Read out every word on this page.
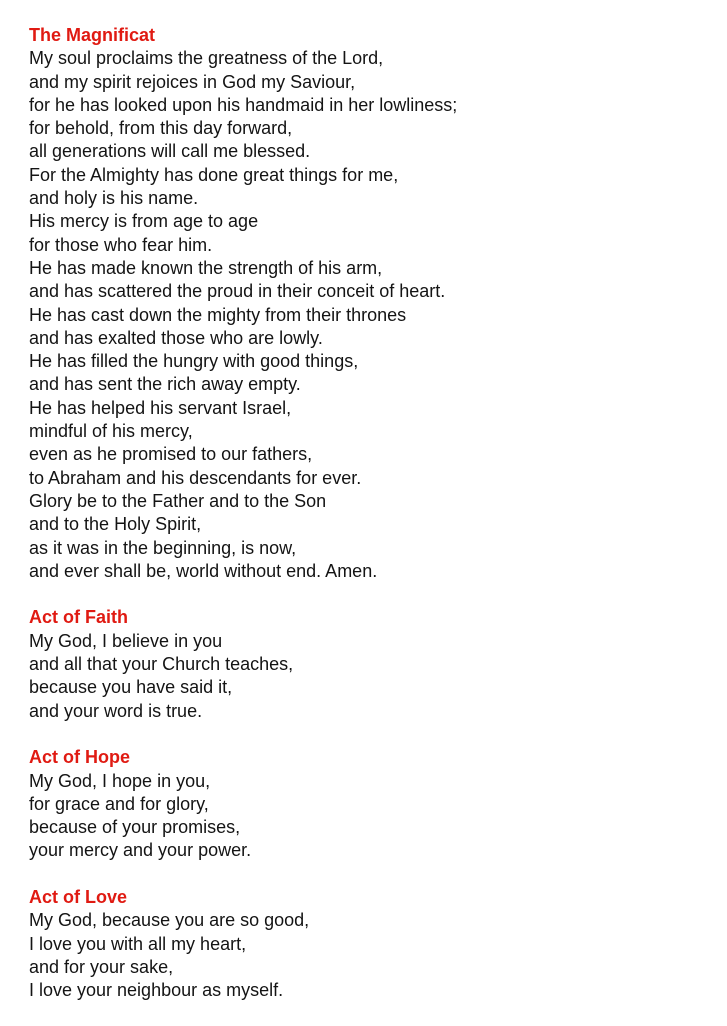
The Magnificat
My soul proclaims the greatness of the Lord,
and my spirit rejoices in God my Saviour,
for he has looked upon his handmaid in her lowliness;
for behold, from this day forward,
all generations will call me blessed.
For the Almighty has done great things for me,
and holy is his name.
His mercy is from age to age
for those who fear him.
He has made known the strength of his arm,
and has scattered the proud in their conceit of heart.
He has cast down the mighty from their thrones
and has exalted those who are lowly.
He has filled the hungry with good things,
and has sent the rich away empty.
He has helped his servant Israel,
mindful of his mercy,
even as he promised to our fathers,
to Abraham and his descendants for ever.
Glory be to the Father and to the Son
and to the Holy Spirit,
as it was in the beginning, is now,
and ever shall be, world without end. Amen.
Act of Faith
My God, I believe in you
and all that your Church teaches,
because you have said it,
and your word is true.
Act of Hope
My God, I hope in you,
for grace and for glory,
because of your promises,
your mercy and your power.
Act of Love
My God, because you are so good,
I love you with all my heart,
and for your sake,
I love your neighbour as myself.
